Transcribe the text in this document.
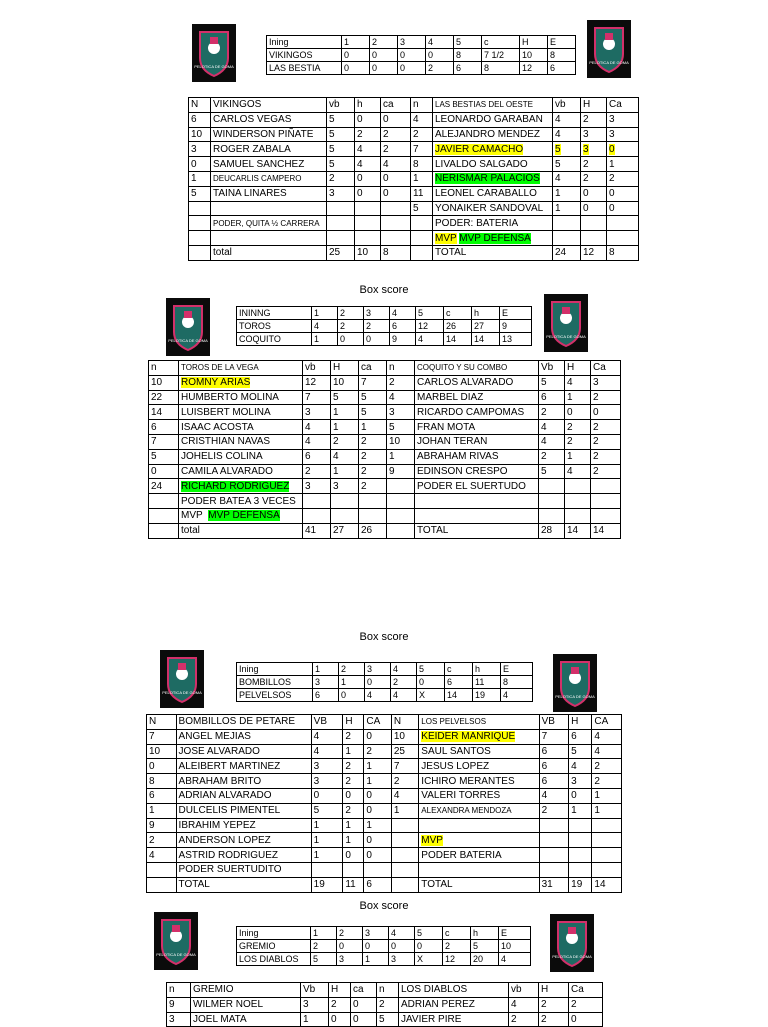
PELOTICA DE GOMA
PELOTICA DE GOMA
Ining	1	2	3	4	5	c	H	E
VIKINGOS	0	0	0	0	8	7 1/2	10	8
LAS BESTIA	0	0	0	2	6	8	12	6
N	VIKINGOS	vb	h	ca	n	LAS BESTIAS DEL OESTE	vb	H	Ca
6	CARLOS VEGAS	5	0	0	4	LEONARDO GARABAN	4	2	3
10	WINDERSON PIÑATE	5	2	2	2	ALEJANDRO MENDEZ	4	3	3
3	ROGER ZABALA	5	4	2	7	JAVIER CAMACHO	5	3	0
0	SAMUEL SANCHEZ	5	4	4	8	LIVALDO SALGADO	5	2	1
1	DEUCARLIS CAMPERO	2	0	0	1	NERISMAR PALACIOS	4	2	2
5	TAINA LINARES	3	0	0	11	LEONEL CARABALLO	1	0	0
					5	YONAIKER SANDOVAL	1	0	0
	PODER, QUITA ½ CARRERA					PODER: BATERIA			
						MVP MVP DEFENSA			
	total	25	10	8		TOTAL	24	12	8
Box score
PELOTICA DE GOMA
PELOTICA DE GOMA
ININNG	1	2	3	4	5	c	h	E
TOROS	4	2	2	6	12	26	27	9
COQUITO	1	0	0	9	4	14	14	13
n	TOROS DE LA VEGA	vb	H	ca	n	COQUITO Y SU COMBO	Vb	H	Ca
10	ROMNY ARIAS	12	10	7	2	CARLOS ALVARADO	5	4	3
22	HUMBERTO MOLINA	7	5	5	4	MARBEL DIAZ	6	1	2
14	LUISBERT MOLINA	3	1	5	3	RICARDO CAMPOMAS	2	0	0
6	ISAAC ACOSTA	4	1	1	5	FRAN MOTA	4	2	2
7	CRISTHIAN NAVAS	4	2	2	10	JOHAN TERAN	4	2	2
5	JOHELIS COLINA	6	4	2	1	ABRAHAM RIVAS	2	1	2
0	CAMILA ALVARADO	2	1	2	9	EDINSON CRESPO	5	4	2
24	RICHARD RODRIGUEZ	3	3	2		PODER EL SUERTUDO			
	PODER BATEA 3 VECES								
	MVP MVP DEFENSA								
	total	41	27	26		TOTAL	28	14	14
Box score
PELOTICA DE GOMA
PELOTICA DE GOMA
Ining	1	2	3	4	5	c	h	E
BOMBILLOS	3	1	0	2	0	6	11	8
PELVELSOS	6	0	4	4	X	14	19	4
N	BOMBILLOS DE PETARE	VB	H	CA	N	LOS PELVELSOS	VB	H	CA
7	ANGEL MEJIAS	4	2	0	10	KEIDER MANRIQUE	7	6	4
10	JOSE ALVARADO	4	1	2	25	SAUL SANTOS	6	5	4
0	ALEIBERT MARTINEZ	3	2	1	7	JESUS LOPEZ	6	4	2
8	ABRAHAM BRITO	3	2	1	2	ICHIRO MERANTES	6	3	2
6	ADRIAN ALVARADO	0	0	0	4	VALERI TORRES	4	0	1
1	DULCELIS PIMENTEL	5	2	0	1	ALEXANDRA MENDOZA	2	1	1
9	IBRAHIM YEPEZ	1	1	1					
2	ANDERSON LOPEZ	1	1	0		MVP			
4	ASTRID RODRIGUEZ	1	0	0		PODER BATERIA			
	PODER SUERTUDITO								
	TOTAL	19	11	6		TOTAL	31	19	14
Box score
PELOTICA DE GOMA	PELOTICA DE GOMA
Ining	1	2	3	4	5	c	h	E
GREMIO	2	0	0	0	0	2	5	10
LOS DIABLOS	5	3	1	3	X	12	20	4
n	GREMIO	Vb	H	ca	n	LOS DIABLOS	vb	H	Ca
9	WILMER NOEL	3	2	0	2	ADRIAN PEREZ	4	2	2
3	JOEL MATA	1	0	0	5	JAVIER PIRE	2	2	0
